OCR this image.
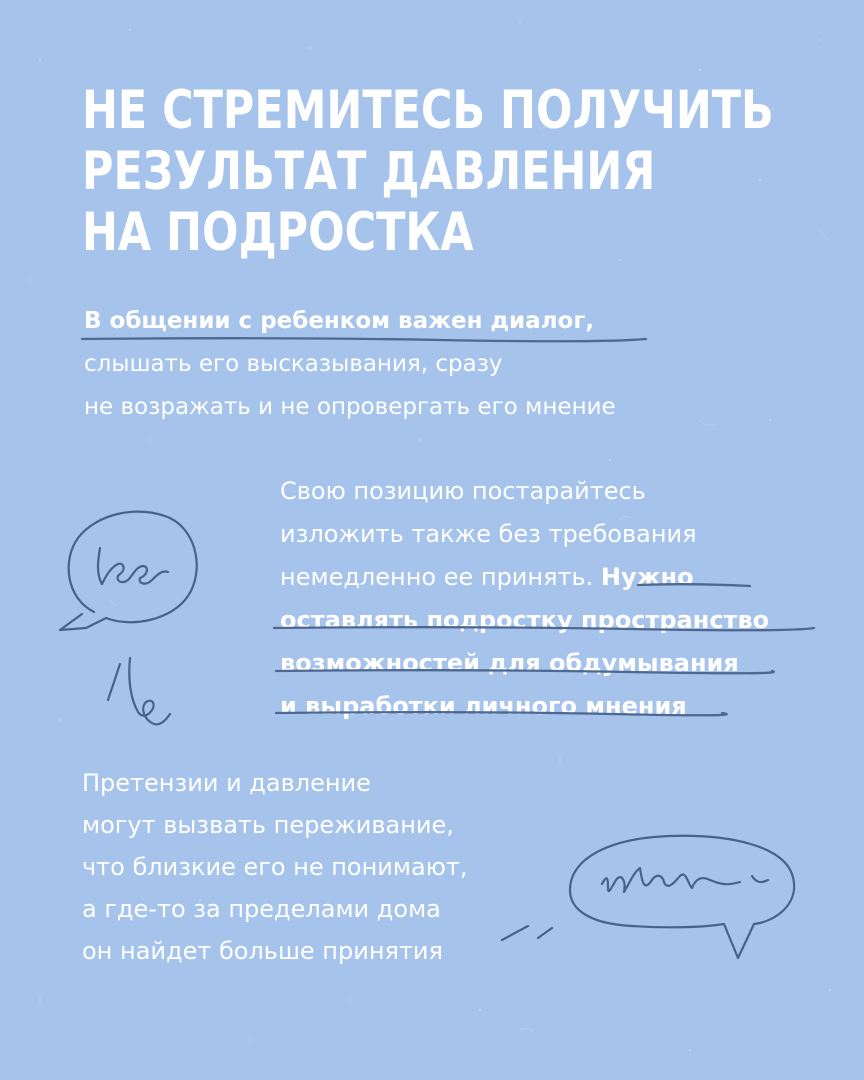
НЕ СТРЕМИТЕСЬ ПОЛУЧИТЬ
РЕЗУЛЬТАТ ДАВЛЕНИЯ
НА ПОДРОСТКА
В общении с ребенком важен диалог,
слышать его высказывания, сразу
не возражать и не опровергать его мнение
Свою позицию постарайтесь
изложить также без требования
немедленно ее принять. Нужно
оставлять подростку пространство
возможностей для обдумывания
и выработки личного мнения
Претензии и давление
могут вызвать переживание,
что близкие его не понимают,
а где-то за пределами дома
он найдет больше принятия
